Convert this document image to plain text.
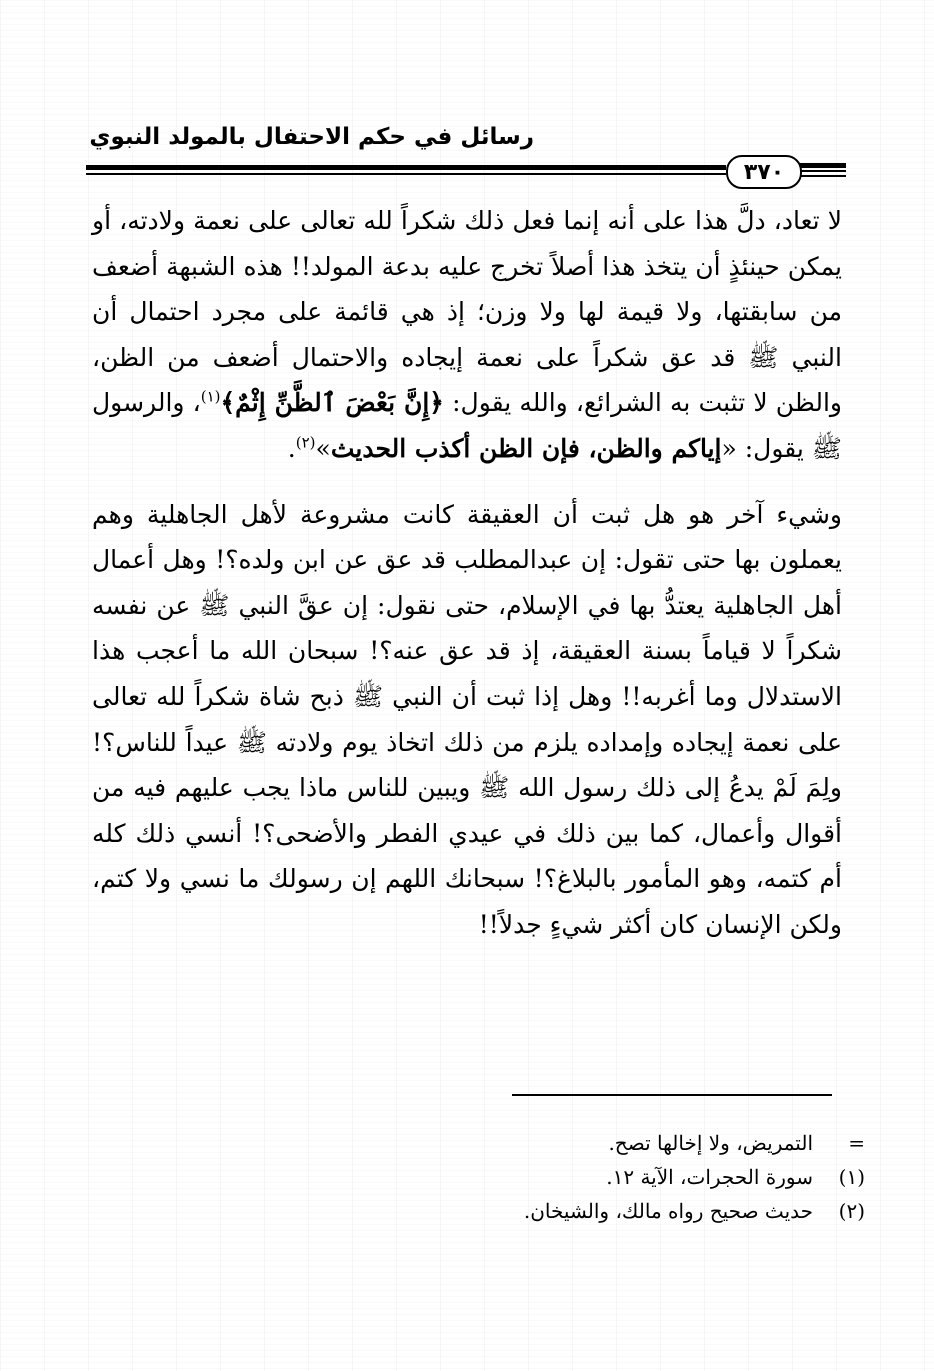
رسائل في حكم الاحتفال بالمولد النبوي
٣٧٠

لا تعاد، دلَّ هذا على أنه إنما فعل ذلك شكراً لله تعالى على نعمة ولادته، أو يمكن حينئذٍ أن يتخذ هذا أصلاً تخرج عليه بدعة المولد!! هذه الشبهة أضعف من سابقتها، ولا قيمة لها ولا وزن؛ إذ هي قائمة على مجرد احتمال أن النبي ﷺ قد عق شكراً على نعمة إيجاده والاحتمال أضعف من الظن، والظن لا تثبت به الشرائع، والله يقول: ﴿إِنَّ بَعْضَ ٱلظَّنِّ إِثْمٌ﴾$^{(١)}$، والرسول ﷺ يقول: «إياكم والظن، فإن الظن أكذب الحديث»$^{(٢)}$.

وشيء آخر هو هل ثبت أن العقيقة كانت مشروعة لأهل الجاهلية وهم يعملون بها حتى تقول: إن عبدالمطلب قد عق عن ابن ولده؟! وهل أعمال أهل الجاهلية يعتدُّ بها في الإسلام، حتى نقول: إن عقَّ النبي ﷺ عن نفسه شكراً لا قياماً بسنة العقيقة، إذ قد عق عنه؟! سبحان الله ما أعجب هذا الاستدلال وما أغربه!! وهل إذا ثبت أن النبي ﷺ ذبح شاة شكراً لله تعالى على نعمة إيجاده وإمداده يلزم من ذلك اتخاذ يوم ولادته ﷺ عيداً للناس؟! ولِمَ لَمْ يدعُ إلى ذلك رسول الله ﷺ ويبين للناس ماذا يجب عليهم فيه من أقوال وأعمال، كما بين ذلك في عيدي الفطر والأضحى؟! أنسي ذلك كله أم كتمه، وهو المأمور بالبلاغ؟! سبحانك اللهم إن رسولك ما نسي ولا كتم، ولكن الإنسان كان أكثر شيءٍ جدلاً!!

=
التمريض، ولا إخالها تصح.
(١)
سورة الحجرات، الآية ١٢.
(٢)
حديث صحيح رواه مالك، والشيخان.
